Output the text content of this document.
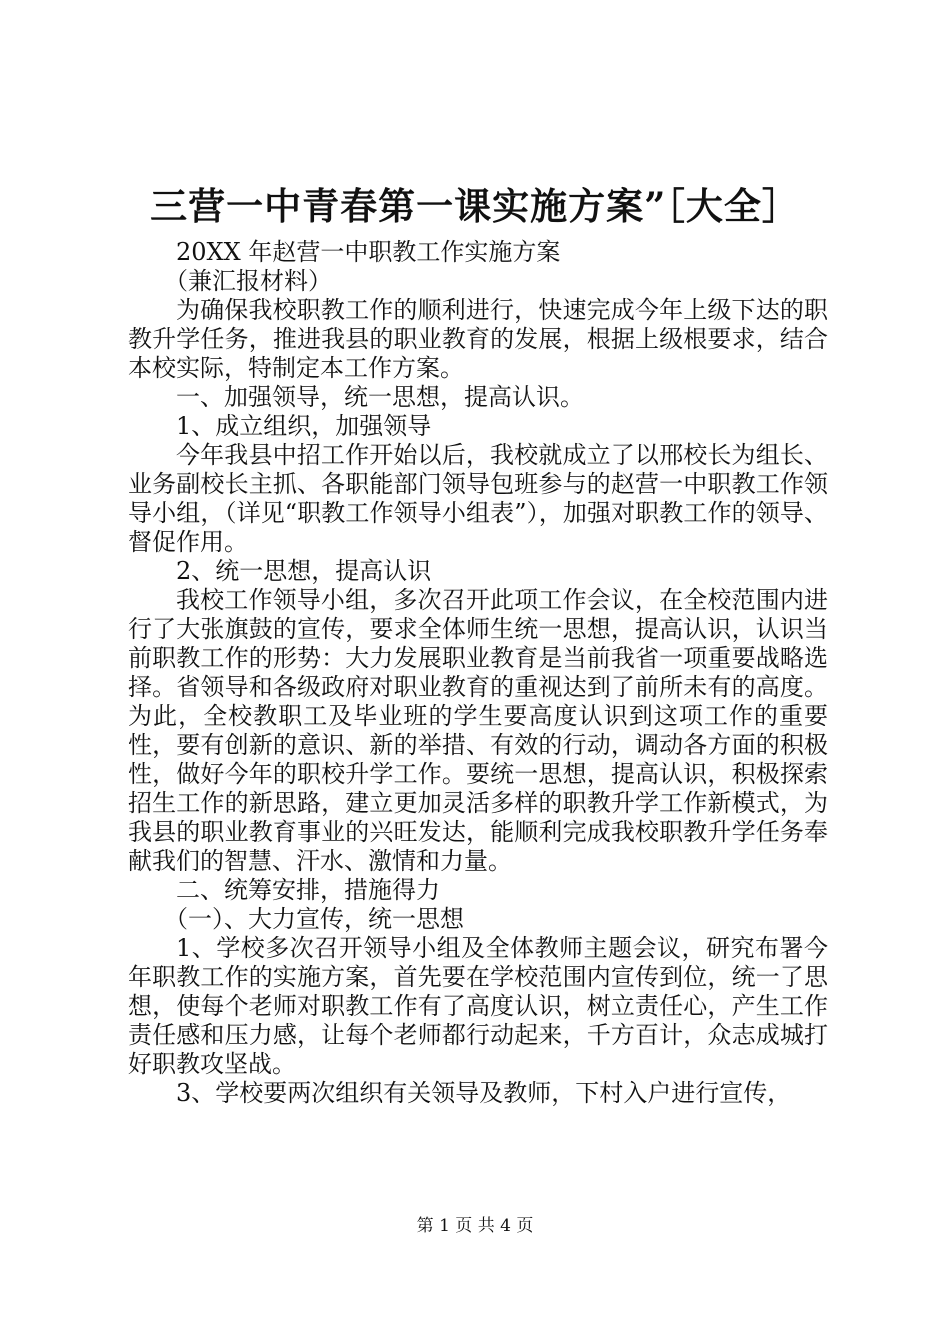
三营一中青春第一课实施方案”［大全］

20XX 年赵营一中职教工作实施方案

（兼汇报材料）

为确保我校职教工作的顺利进行，快速完成今年上级下达的职教升学任务，推进我县的职业教育的发展，根据上级根要求，结合本校实际，特制定本工作方案。

一、加强领导，统一思想，提高认识。

1、成立组织，加强领导

今年我县中招工作开始以后，我校就成立了以邢校长为组长、业务副校长主抓、各职能部门领导包班参与的赵营一中职教工作领导小组，（详见“职教工作领导小组表”），加强对职教工作的领导、督促作用。

2、统一思想，提高认识

我校工作领导小组，多次召开此项工作会议，在全校范围内进行了大张旗鼓的宣传，要求全体师生统一思想，提高认识，认识当前职教工作的形势：大力发展职业教育是当前我省一项重要战略选择。省领导和各级政府对职业教育的重视达到了前所未有的高度。为此，全校教职工及毕业班的学生要高度认识到这项工作的重要性，要有创新的意识、新的举措、有效的行动，调动各方面的积极性，做好今年的职校升学工作。要统一思想，提高认识，积极探索招生工作的新思路，建立更加灵活多样的职教升学工作新模式，为我县的职业教育事业的兴旺发达，能顺利完成我校职教升学任务奉献我们的智慧、汗水、激情和力量。

二、统筹安排，措施得力

（一）、大力宣传，统一思想

1、学校多次召开领导小组及全体教师主题会议，研究布署今年职教工作的实施方案，首先要在学校范围内宣传到位，统一了思想，使每个老师对职教工作有了高度认识，树立责任心，产生工作责任感和压力感，让每个老师都行动起来，千方百计，众志成城打好职教攻坚战。

3、学校要两次组织有关领导及教师，下村入户进行宣传，

第 1 页 共 4 页
